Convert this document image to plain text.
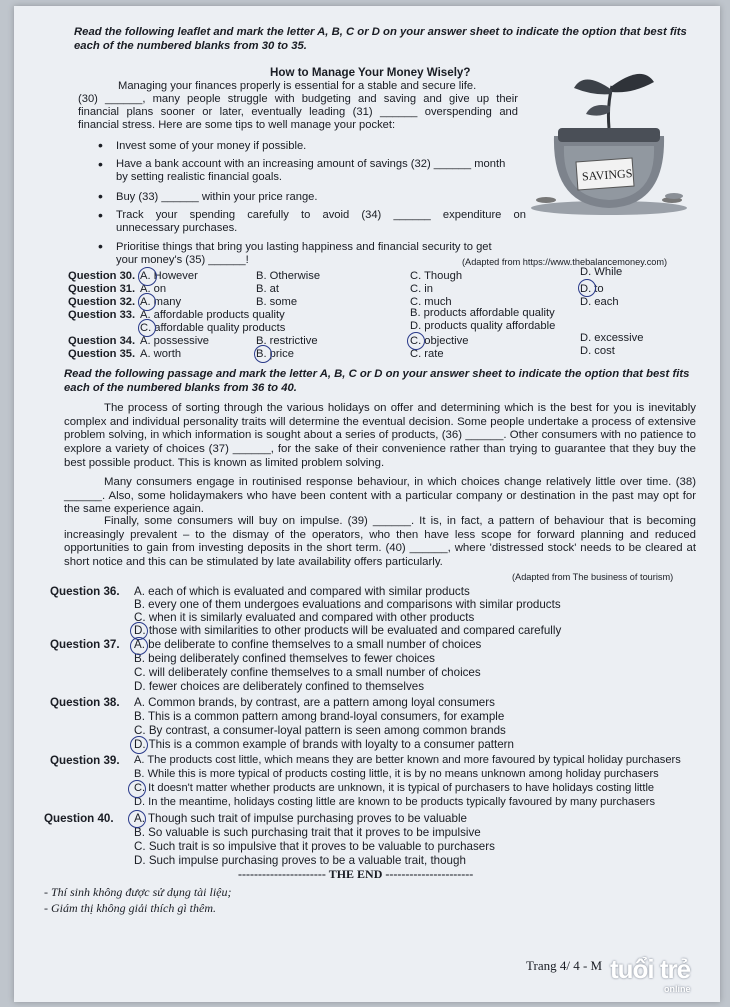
Read the following leaflet and mark the letter A, B, C or D on your answer sheet to indicate the option that best fits each of the numbered blanks from 30 to 35.
How to Manage Your Money Wisely?
Managing your finances properly is essential for a stable and secure life.
(30) ______, many people struggle with budgeting and saving and give up their
financial plans sooner or later, eventually leading (31) ______ overspending and
financial stress. Here are some tips to well manage your pocket:
• Invest some of your money if possible.
• Have a bank account with an increasing amount of savings (32) ______ month
by setting realistic financial goals.
• Buy (33) ______ within your price range.
• Track your spending carefully to avoid (34) ______ expenditure on
unnecessary purchases.
• Prioritise things that bring you lasting happiness and financial security to get
your money's (35) ______!
SAVINGS
(Adapted from https://www.thebalancemoney.com)
Question 30. A. However	B. Otherwise	C. Though	D. While
Question 31. A. on	B. at	C. in	D. to
Question 32. A. many	B. some	C. much	D. each
Question 33. A. affordable products quality	B. products affordable quality
C. affordable quality products	D. products quality affordable
Question 34. A. possessive	B. restrictive	C. objective	D. excessive
Question 35. A. worth	B. price	C. rate	D. cost
Read the following passage and mark the letter A, B, C or D on your answer sheet to indicate the option that best fits each of the numbered blanks from 36 to 40.
The process of sorting through the various holidays on offer and determining which is the best for you is inevitably complex and individual personality traits will determine the eventual decision. Some people undertake a process of extensive problem solving, in which information is sought about a series of products, (36) ______. Other consumers with no patience to explore a variety of choices (37) ______, for the sake of their convenience rather than trying to guarantee that they buy the best possible product. This is known as limited problem solving.
Many consumers engage in routinised response behaviour, in which choices change relatively little over time. (38) ______. Also, some holidaymakers who have been content with a particular company or destination in the past may opt for the same experience again.
Finally, some consumers will buy on impulse. (39) ______. It is, in fact, a pattern of behaviour that is becoming increasingly prevalent – to the dismay of the operators, who then have less scope for forward planning and reduced opportunities to gain from investing deposits in the short term. (40) ______, where 'distressed stock' needs to be cleared at short notice and this can be stimulated by late availability offers particularly.
(Adapted from The business of tourism)
Question 36. A. each of which is evaluated and compared with similar products
B. every one of them undergoes evaluations and comparisons with similar products
C. when it is similarly evaluated and compared with other products
D. those with similarities to other products will be evaluated and compared carefully
Question 37. A. be deliberate to confine themselves to a small number of choices
B. being deliberately confined themselves to fewer choices
C. will deliberately confine themselves to a small number of choices
D. fewer choices are deliberately confined to themselves
Question 38. A. Common brands, by contrast, are a pattern among loyal consumers
B. This is a common pattern among brand-loyal consumers, for example
C. By contrast, a consumer-loyal pattern is seen among common brands
D. This is a common example of brands with loyalty to a consumer pattern
Question 39. A. The products cost little, which means they are better known and more favoured by typical holiday purchasers
B. While this is more typical of products costing little, it is by no means unknown among holiday purchasers
C. It doesn't matter whether products are unknown, it is typical of purchasers to have holidays costing little
D. In the meantime, holidays costing little are known to be products typically favoured by many purchasers
Question 40. A. Though such trait of impulse purchasing proves to be valuable
B. So valuable is such purchasing trait that it proves to be impulsive
C. Such trait is so impulsive that it proves to be valuable to purchasers
D. Such impulse purchasing proves to be a valuable trait, though
---------------------- THE END ----------------------
- Thí sinh không được sử dụng tài liệu;
- Giám thị không giải thích gì thêm.
Trang 4/ 4 - M tuổi trẻ
online
